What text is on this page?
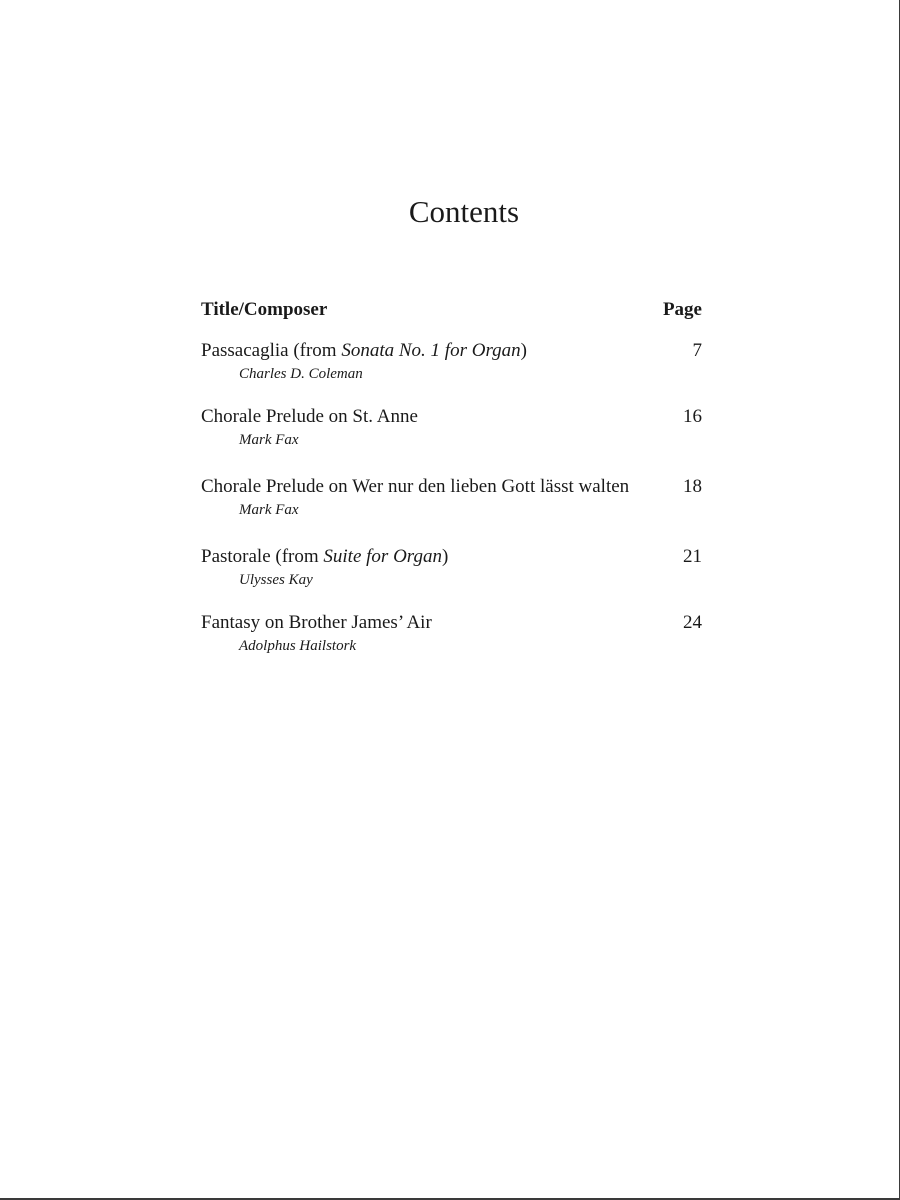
Contents
Title/Composer	Page
Passacaglia (from Sonata No. 1 for Organ)	7
Charles D. Coleman
Chorale Prelude on St. Anne	16
Mark Fax
Chorale Prelude on Wer nur den lieben Gott lässt walten	18
Mark Fax
Pastorale (from Suite for Organ)	21
Ulysses Kay
Fantasy on Brother James’ Air	24
Adolphus Hailstork
